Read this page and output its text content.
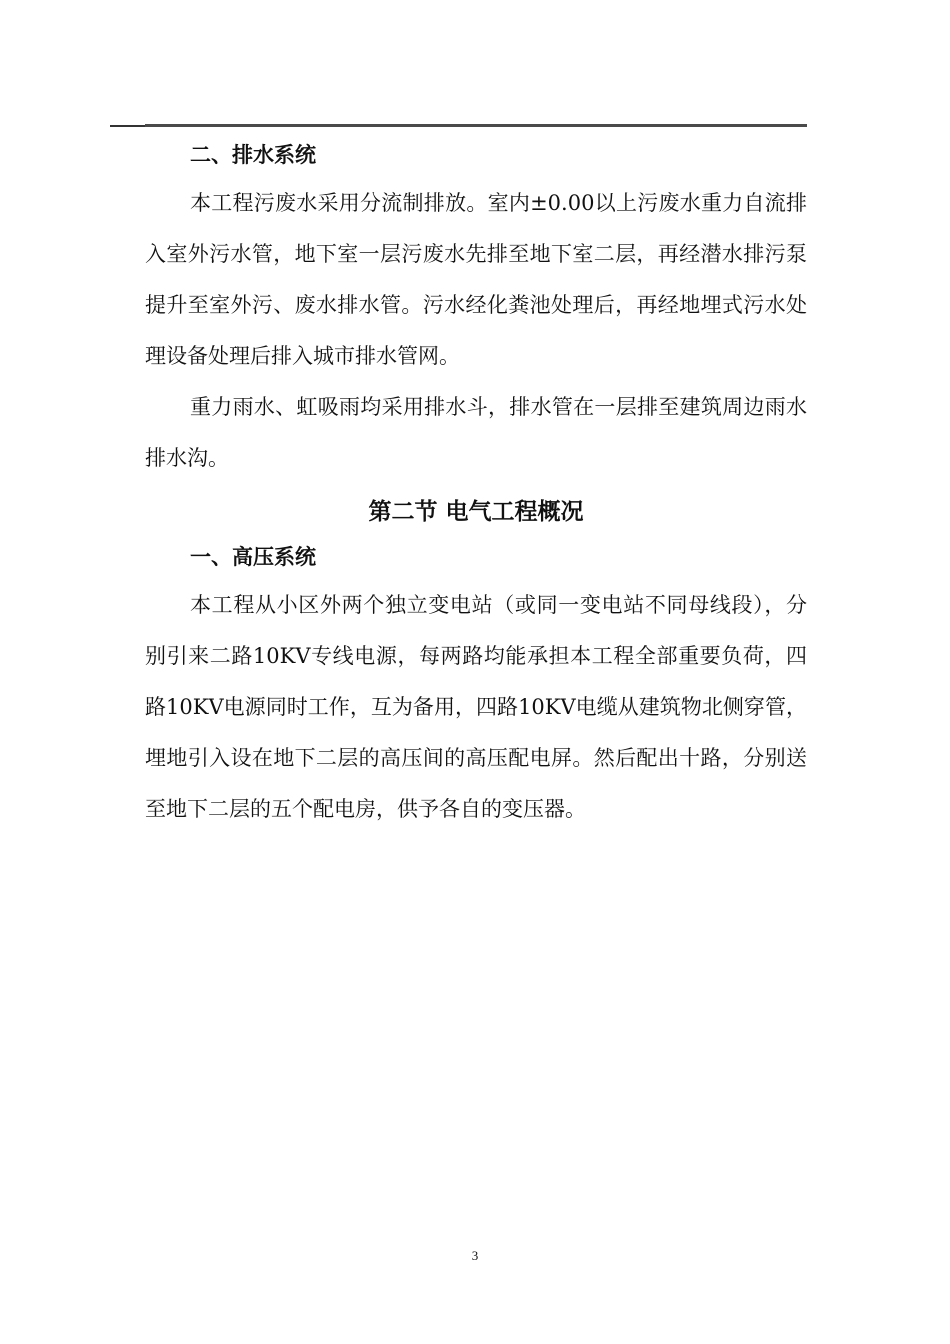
二、排水系统

本工程污废水采用分流制排放。室内±0.00以上污废水重力自流排入室外污水管，地下室一层污废水先排至地下室二层，再经潜水排污泵提升至室外污、废水排水管。污水经化粪池处理后，再经地埋式污水处理设备处理后排入城市排水管网。

重力雨水、虹吸雨均采用排水斗，排水管在一层排至建筑周边雨水排水沟。

第二节 电气工程概况
一、高压系统

本工程从小区外两个独立变电站（或同一变电站不同母线段），分别引来二路10KV专线电源，每两路均能承担本工程全部重要负荷，四路10KV电源同时工作，互为备用，四路10KV电缆从建筑物北侧穿管，埋地引入设在地下二层的高压间的高压配电屏。然后配出十路，分别送至地下二层的五个配电房，供予各自的变压器。

3
